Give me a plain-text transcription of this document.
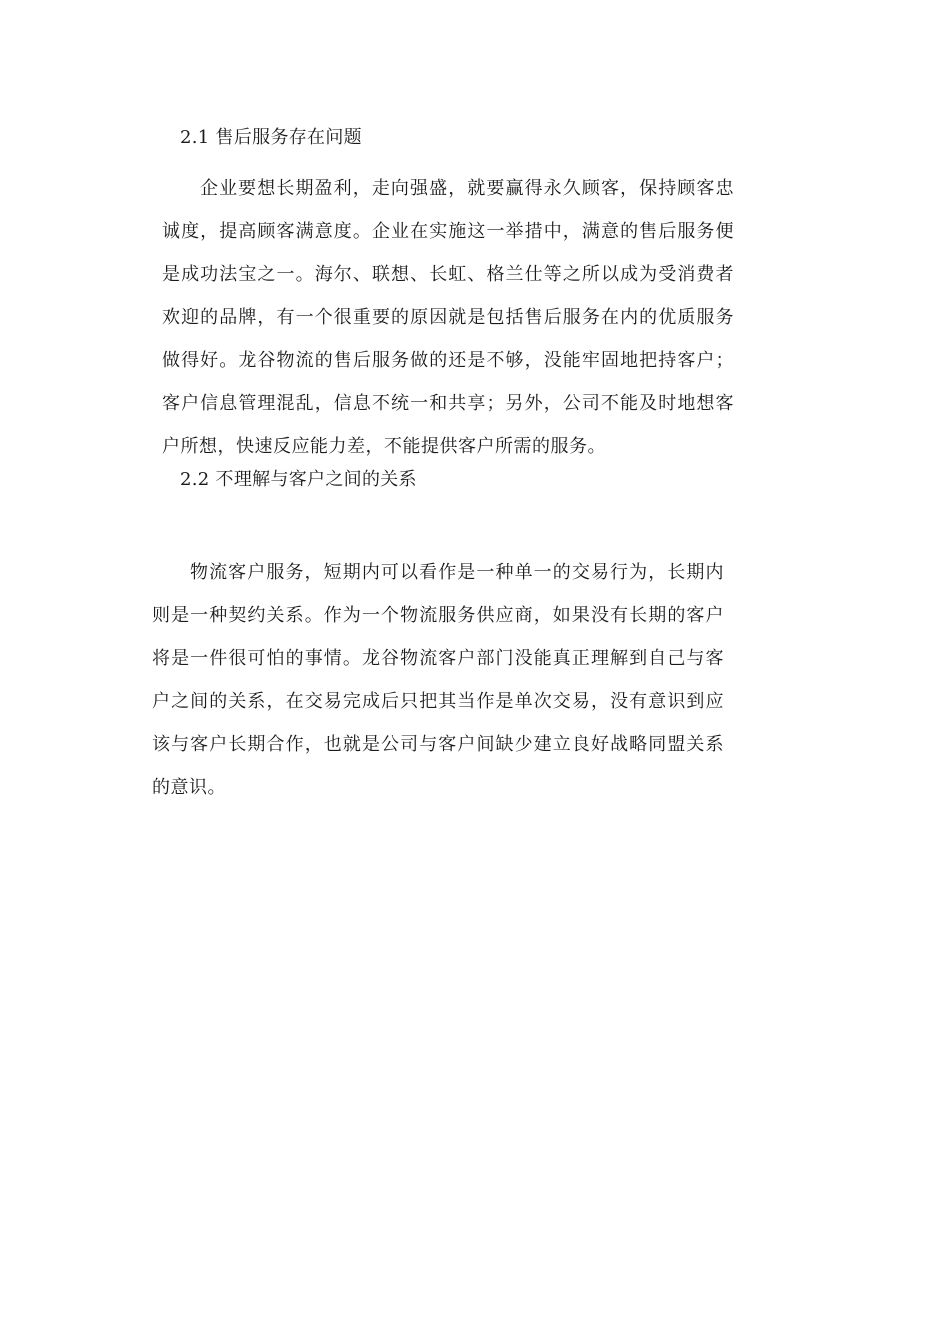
2.1 售后服务存在问题

企业要想长期盈利，走向强盛，就要赢得永久顾客，保持顾客忠诚度，提高顾客满意度。企业在实施这一举措中，满意的售后服务便是成功法宝之一。海尔、联想、长虹、格兰仕等之所以成为受消费者欢迎的品牌，有一个很重要的原因就是包括售后服务在内的优质服务做得好。龙谷物流的售后服务做的还是不够，没能牢固地把持客户；客户信息管理混乱，信息不统一和共享；另外，公司不能及时地想客户所想，快速反应能力差，不能提供客户所需的服务。

2.2 不理解与客户之间的关系

物流客户服务，短期内可以看作是一种单一的交易行为，长期内则是一种契约关系。作为一个物流服务供应商，如果没有长期的客户将是一件很可怕的事情。龙谷物流客户部门没能真正理解到自己与客户之间的关系，在交易完成后只把其当作是单次交易，没有意识到应该与客户长期合作，也就是公司与客户间缺少建立良好战略同盟关系的意识。
